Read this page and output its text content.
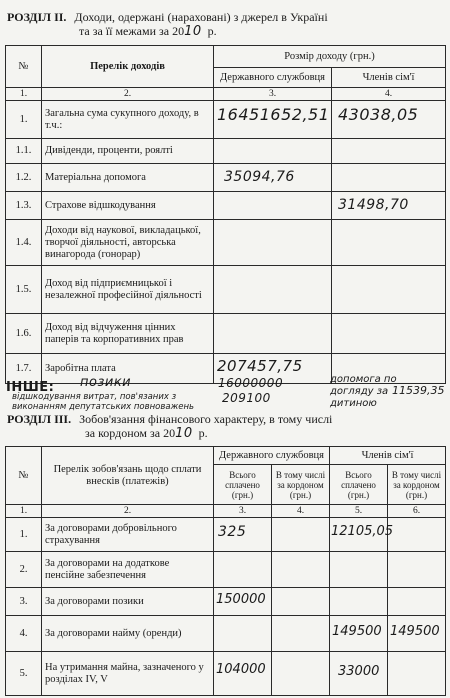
РОЗДІЛ ІІ. Доходи, одержані (нараховані) з джерел в Україні
та за її межами за 2010 р.
№	Перелік доходів	Розмір доходу (грн.)	
		Державного службовця	Членів сім'ї
1.	2.	3.	4.
1.	Загальна сума сукупного доходу, в т.ч.:	16451652,51	43038,05

1.1.	Дивіденди, проценти, роялті		
1.2.	Матеріальна допомога	35094,76	

1.3.	Страхове відшкодування		31498,70

1.4.	Доходи від наукової, викладацької, творчої діяльності, авторська винагорода (гонорар)		
1.5.	Доход від підприємницької і незалежної професійної діяльності		
1.6.	Доход від відчуження цінних паперів та корпоративних прав		
1.7.	Заробітна плата	207457,75	

ІНШЕ: позики	16000000
відшкодування витрат, пов'язаних з виконанням депутатських повноважень
209100
допомога по
догляду за
дитиною
11539,35
РОЗДІЛ ІІІ. Зобов'язання фінансового характеру, в тому числі
за кордоном за 2010 р.
№	Перелік зобов'язань щодо сплати внесків (платежів)	Державного службовця		Членів сім'ї	
		Всього сплачено (грн.)	В тому числі за кордоном (грн.)	Всього сплачено (грн.)	В тому числі за кордоном (грн.)
1.	2.	3.	4.	5.	6.
1.	За договорами добровільного страхування	325		12105,05	

2.	За договорами на додаткове пенсійне забезпечення				
3.	За договорами позики	150000			

4.	За договорами найму (оренди)			149500	149500

5.	На утримання майна, зазначеного у розділах IV, V	104000		33000	
